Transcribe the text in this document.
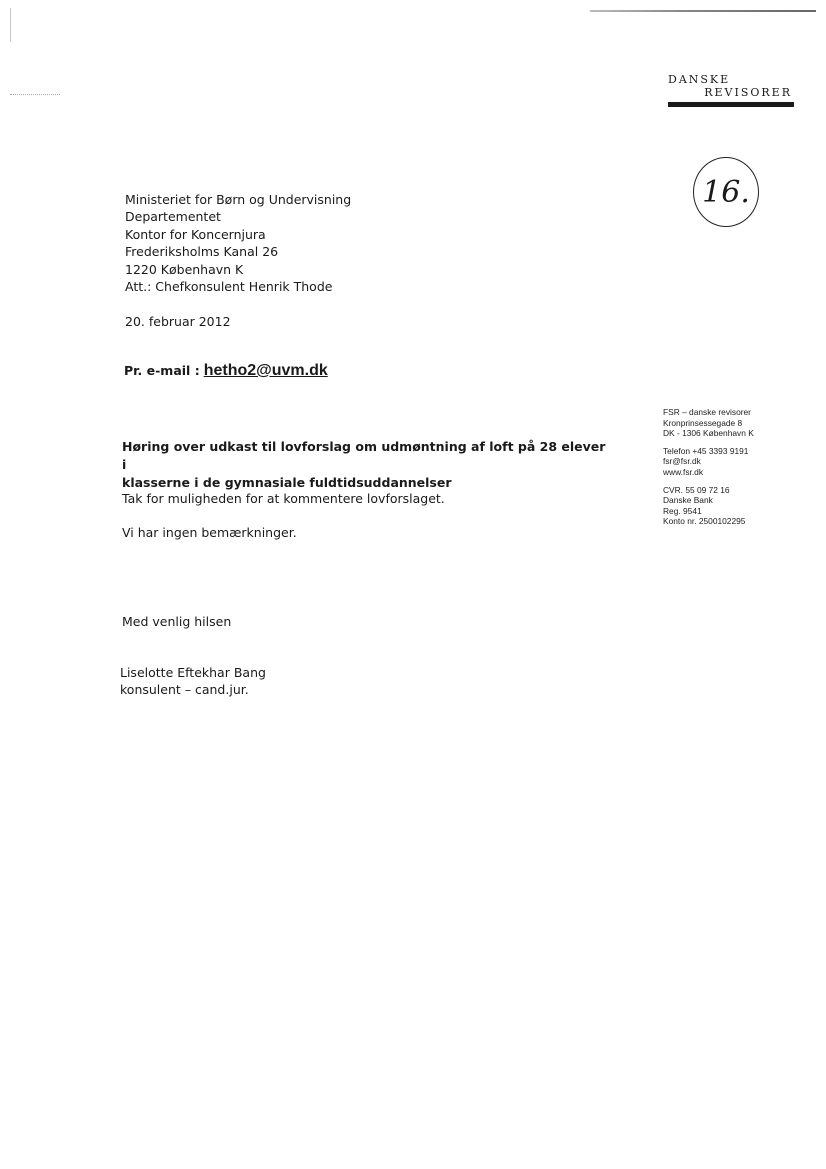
DANSKE
REVISORER
16.
Ministeriet for Børn og Undervisning
Departementet
Kontor for Koncernjura
Frederiksholms Kanal 26
1220 København K
Att.: Chefkonsulent Henrik Thode
20. februar 2012
Pr. e-mail : hetho2@uvm.dk
Høring over udkast til lovforslag om udmøntning af loft på 28 elever i
klasserne i de gymnasiale fuldtidsuddannelser
Tak for muligheden for at kommentere lovforslaget.
Vi har ingen bemærkninger.
Med venlig hilsen
Liselotte Eftekhar Bang
konsulent – cand.jur.
FSR – danske revisorer
Kronprinsessegade 8
DK - 1306 København K
Telefon +45 3393 9191
fsr@fsr.dk
www.fsr.dk
CVR. 55 09 72 16
Danske Bank
Reg. 9541
Konto nr. 2500102295
